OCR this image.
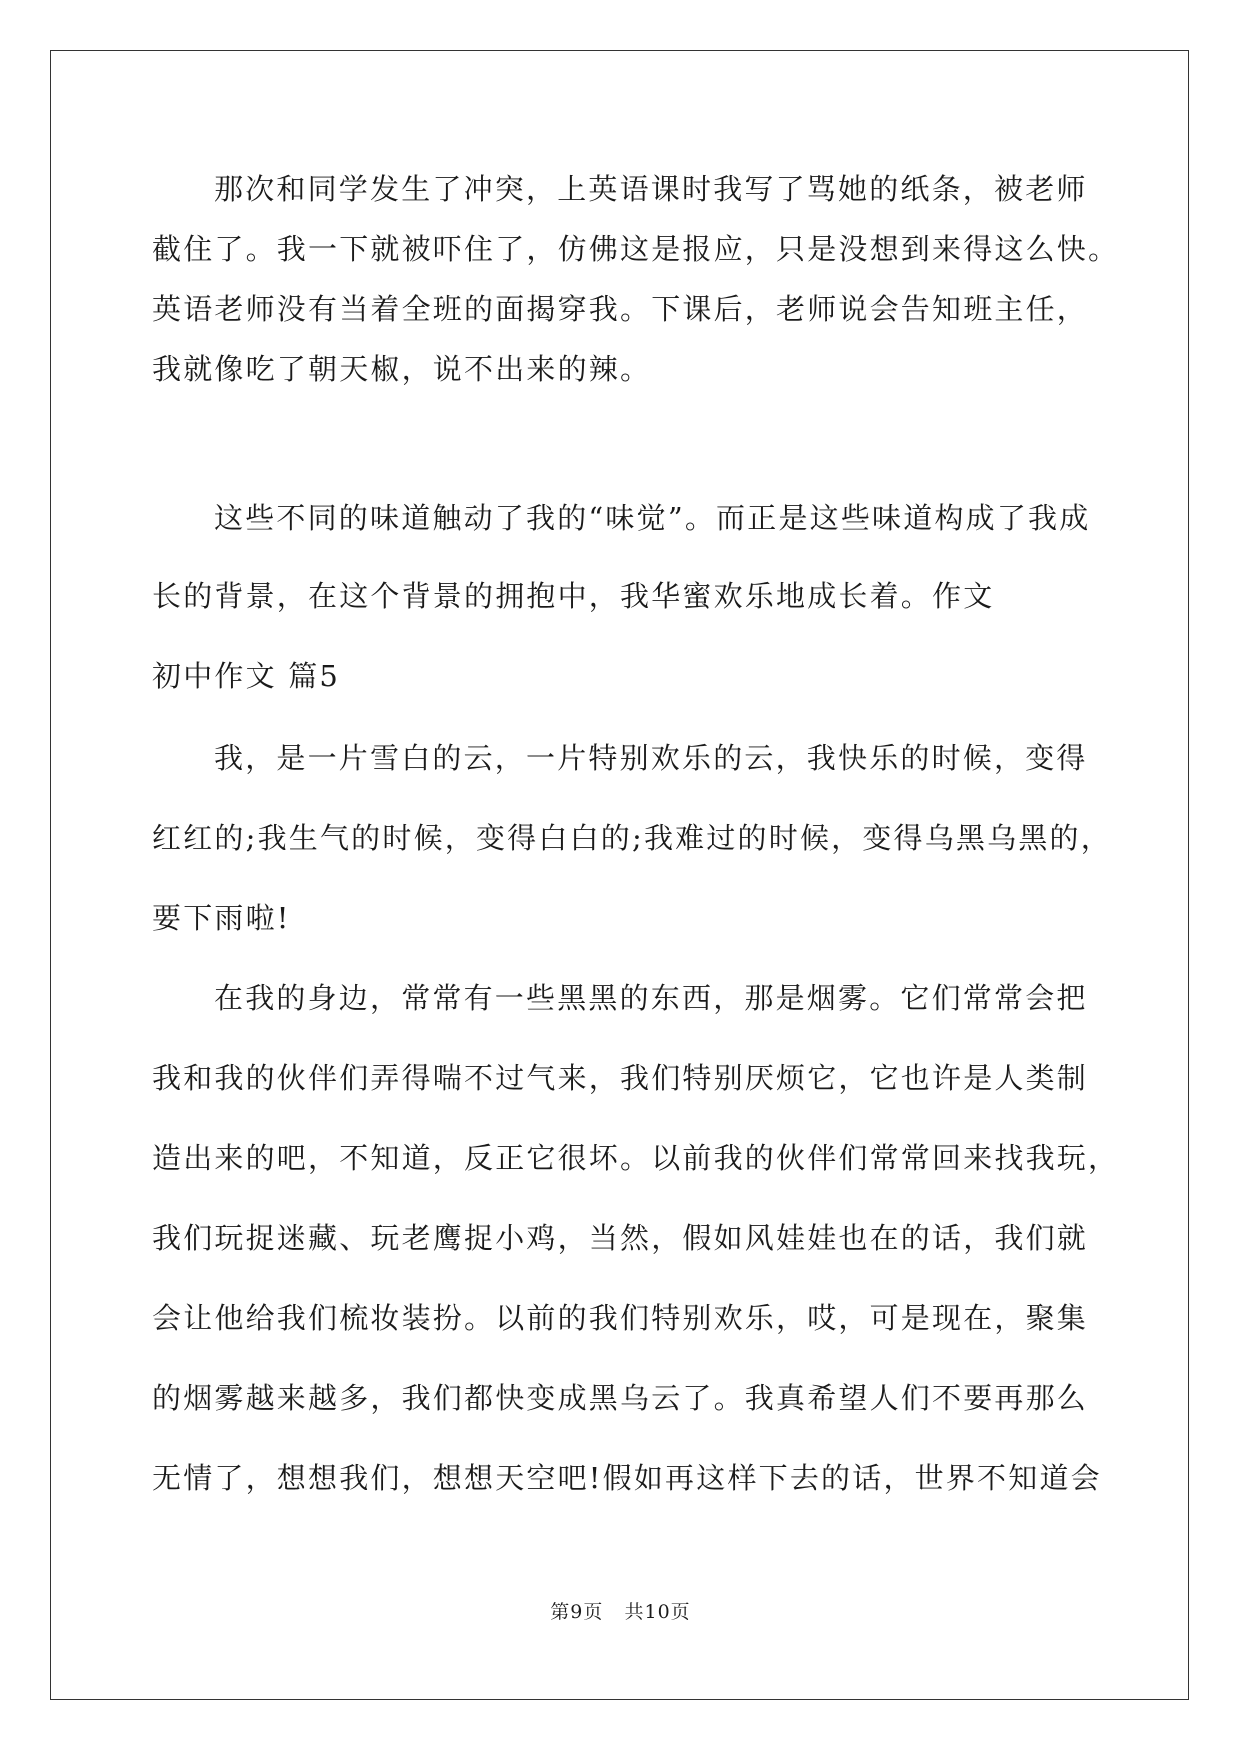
那次和同学发生了冲突，上英语课时我写了骂她的纸条，被老师
截住了。我一下就被吓住了，仿佛这是报应，只是没想到来得这么快。
英语老师没有当着全班的面揭穿我。下课后，老师说会告知班主任，
我就像吃了朝天椒，说不出来的辣。
这些不同的味道触动了我的“味觉”。而正是这些味道构成了我成
长的背景，在这个背景的拥抱中，我华蜜欢乐地成长着。作文
初中作文 篇5
我，是一片雪白的云，一片特别欢乐的云，我快乐的时候，变得
红红的;我生气的时候，变得白白的;我难过的时候，变得乌黑乌黑的，
要下雨啦!
在我的身边，常常有一些黑黑的东西，那是烟雾。它们常常会把
我和我的伙伴们弄得喘不过气来，我们特别厌烦它，它也许是人类制
造出来的吧，不知道，反正它很坏。以前我的伙伴们常常回来找我玩，
我们玩捉迷藏、玩老鹰捉小鸡，当然，假如风娃娃也在的话，我们就
会让他给我们梳妆装扮。以前的我们特别欢乐，哎，可是现在，聚集
的烟雾越来越多，我们都快变成黑乌云了。我真希望人们不要再那么
无情了，想想我们，想想天空吧!假如再这样下去的话，世界不知道会
第9页   共10页
